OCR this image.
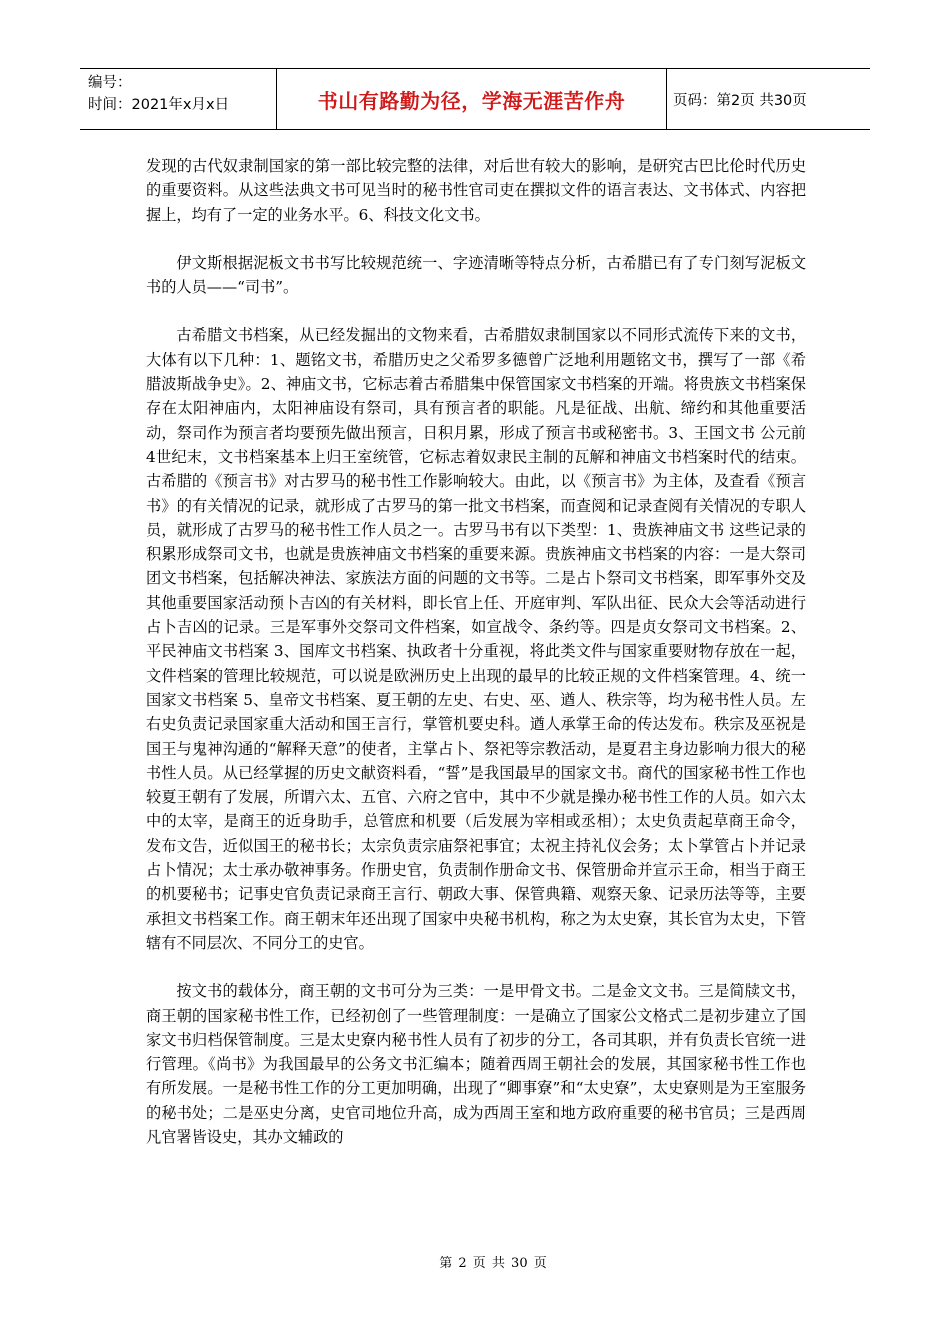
编号：
时间：2021年x月x日	书山有路勤为径，学海无涯苦作舟	页码：第2页 共30页

发现的古代奴隶制国家的第一部比较完整的法律，对后世有较大的影响，是研究古巴比伦时代历史的重要资料。从这些法典文书可见当时的秘书性官司吏在撰拟文件的语言表达、文书体式、内容把握上，均有了一定的业务水平。6、科技文化文书。

伊文斯根据泥板文书书写比较规范统一、字迹清晰等特点分析，古希腊已有了专门刻写泥板文书的人员——“司书”。

古希腊文书档案，从已经发掘出的文物来看，古希腊奴隶制国家以不同形式流传下来的文书，大体有以下几种：1、题铭文书，希腊历史之父希罗多德曾广泛地利用题铭文书，撰写了一部《希腊波斯战争史》。2、神庙文书，它标志着古希腊集中保管国家文书档案的开端。将贵族文书档案保存在太阳神庙内，太阳神庙设有祭司，具有预言者的职能。凡是征战、出航、缔约和其他重要活动，祭司作为预言者均要预先做出预言，日积月累，形成了预言书或秘密书。3、王国文书 公元前4世纪末，文书档案基本上归王室统管，它标志着奴隶民主制的瓦解和神庙文书档案时代的结束。古希腊的《预言书》对古罗马的秘书性工作影响较大。由此，以《预言书》为主体，及查看《预言书》的有关情况的记录，就形成了古罗马的第一批文书档案，而查阅和记录查阅有关情况的专职人员，就形成了古罗马的秘书性工作人员之一。古罗马书有以下类型：1、贵族神庙文书 这些记录的积累形成祭司文书，也就是贵族神庙文书档案的重要来源。贵族神庙文书档案的内容：一是大祭司团文书档案，包括解决神法、家族法方面的问题的文书等。二是占卜祭司文书档案，即军事外交及其他重要国家活动预卜吉凶的有关材料，即长官上任、开庭审判、军队出征、民众大会等活动进行占卜吉凶的记录。三是军事外交祭司文件档案，如宣战令、条约等。四是贞女祭司文书档案。2、平民神庙文书档案 3、国库文书档案、执政者十分重视，将此类文件与国家重要财物存放在一起，文件档案的管理比较规范，可以说是欧洲历史上出现的最早的比较正规的文件档案管理。4、统一国家文书档案 5、皇帝文书档案、夏王朝的左史、右史、巫、遒人、秩宗等，均为秘书性人员。左右史负责记录国家重大活动和国王言行，掌管机要史科。遒人承掌王命的传达发布。秩宗及巫祝是国王与鬼神沟通的“解释天意”的使者，主掌占卜、祭祀等宗教活动，是夏君主身边影响力很大的秘书性人员。从已经掌握的历史文献资料看，“誓”是我国最早的国家文书。商代的国家秘书性工作也较夏王朝有了发展，所谓六太、五官、六府之官中，其中不少就是操办秘书性工作的人员。如六太中的太宰，是商王的近身助手，总管庶和机要（后发展为宰相或丞相）；太史负责起草商王命令，发布文告，近似国王的秘书长；太宗负责宗庙祭祀事宜；太祝主持礼仪会务；太卜掌管占卜并记录占卜情况；太士承办敬神事务。作册史官，负责制作册命文书、保管册命并宣示王命，相当于商王的机要秘书；记事史官负责记录商王言行、朝政大事、保管典籍、观察天象、记录历法等等，主要承担文书档案工作。商王朝末年还出现了国家中央秘书机构，称之为太史寮，其长官为太史，下管辖有不同层次、不同分工的史官。

按文书的载体分，商王朝的文书可分为三类：一是甲骨文书。二是金文文书。三是简牍文书，商王朝的国家秘书性工作，已经初创了一些管理制度：一是确立了国家公文格式二是初步建立了国家文书归档保管制度。三是太史寮内秘书性人员有了初步的分工，各司其职，并有负责长官统一进行管理。《尚书》为我国最早的公务文书汇编本；随着西周王朝社会的发展，其国家秘书性工作也有所发展。一是秘书性工作的分工更加明确，出现了“卿事寮”和“太史寮”，太史寮则是为王室服务的秘书处；二是巫史分离，史官司地位升高，成为西周王室和地方政府重要的秘书官员；三是西周凡官署皆设史，其办文辅政的

第 2 页 共 30 页
